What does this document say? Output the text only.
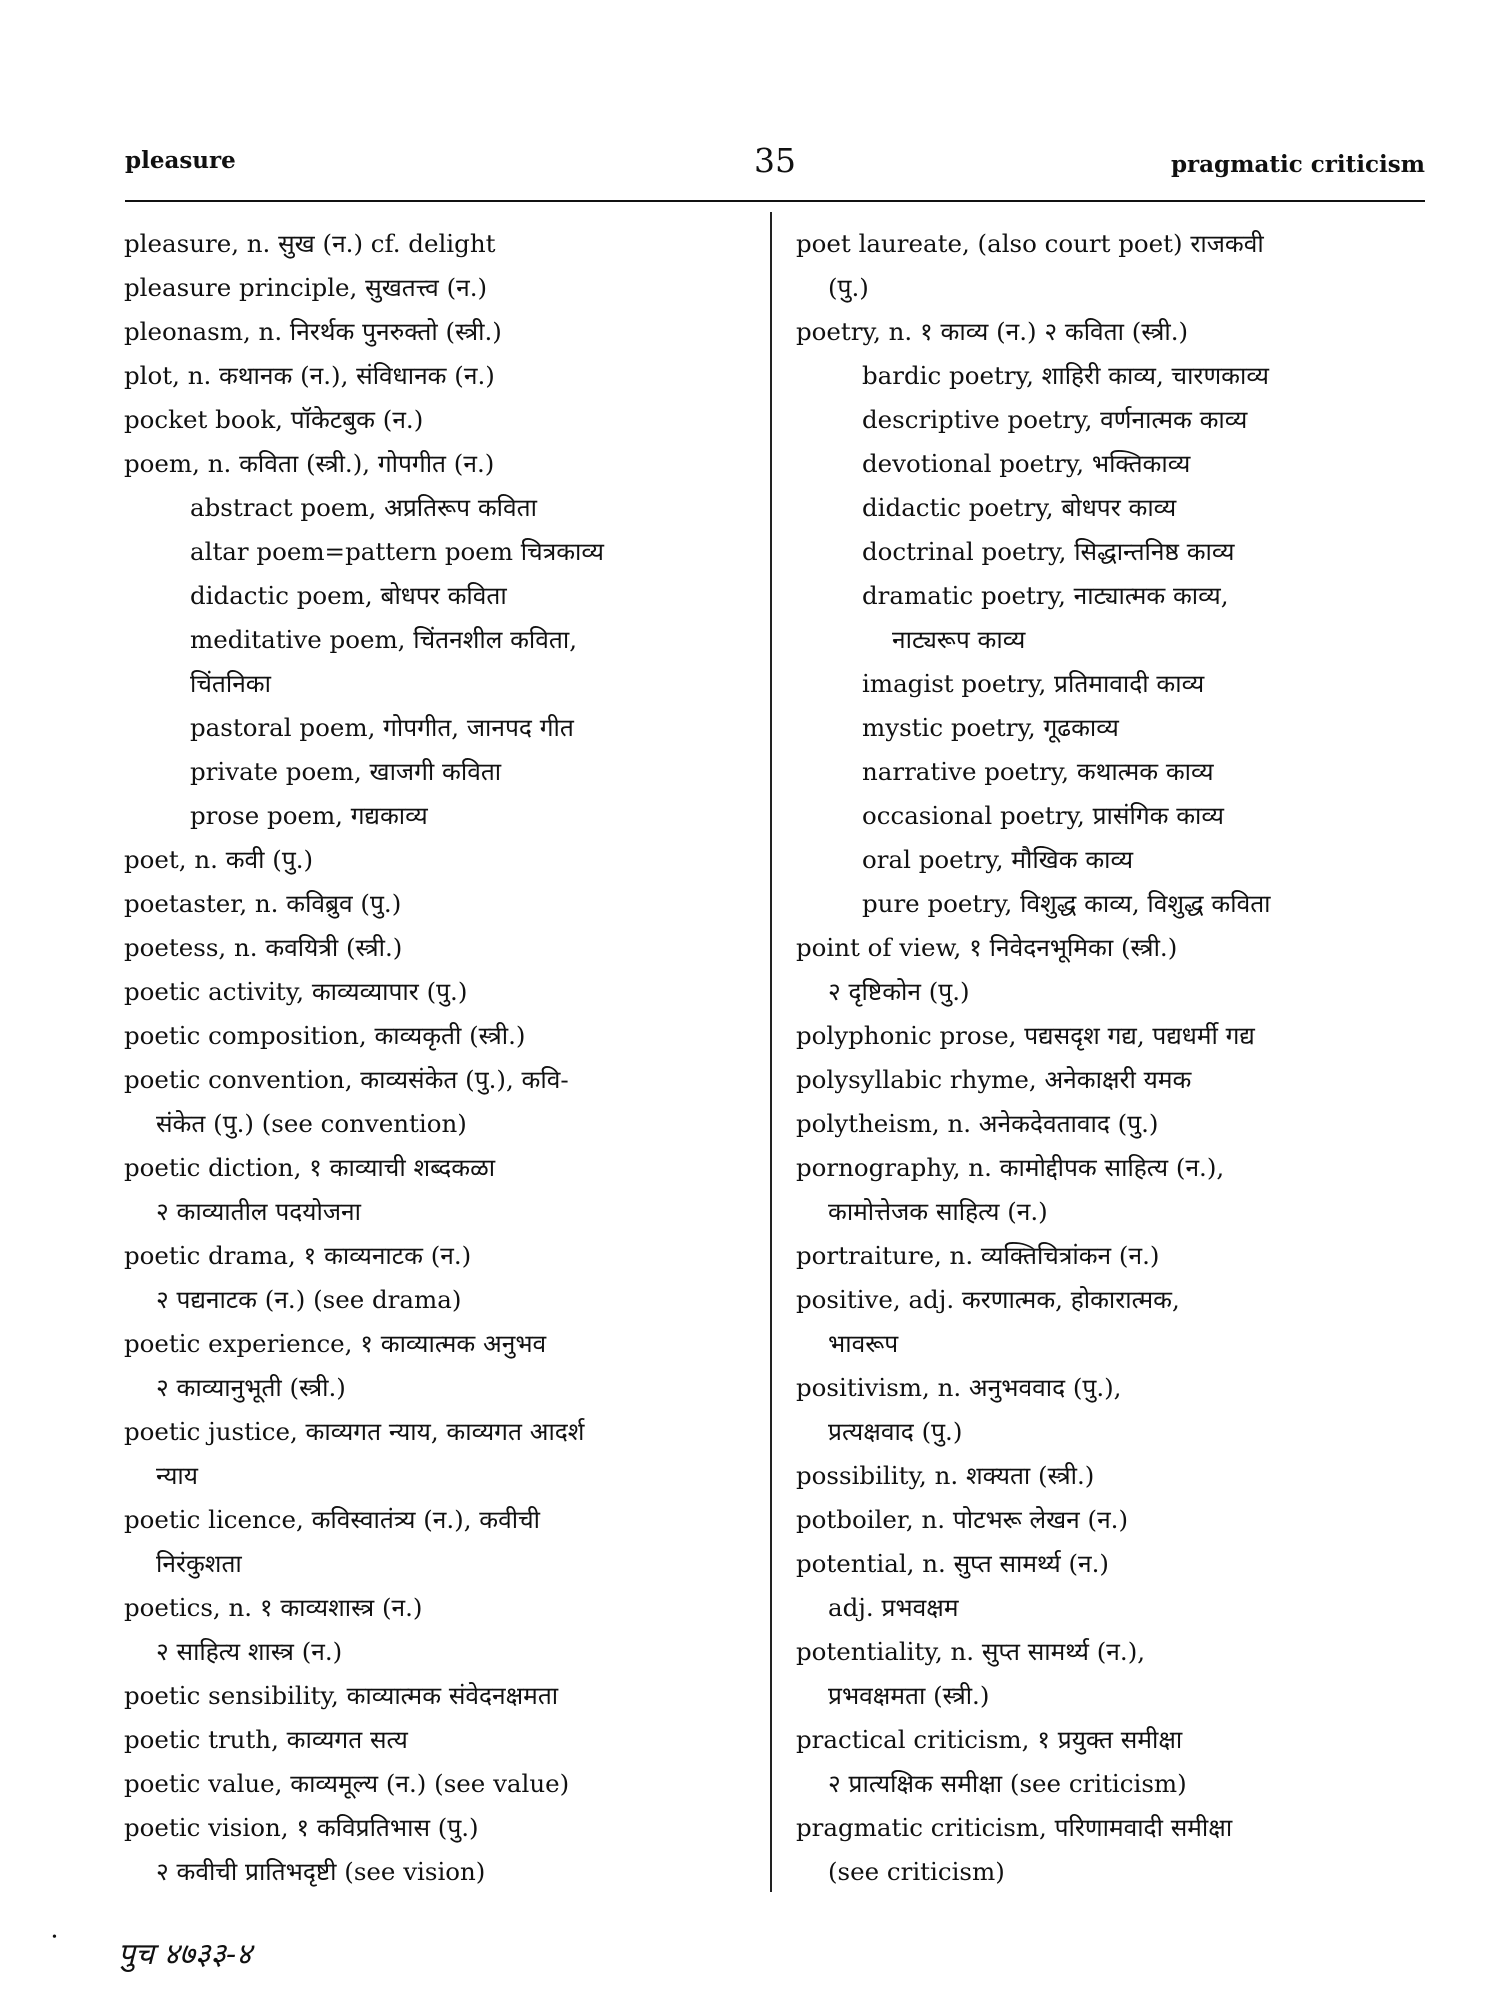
pleasure	35	pragmatic criticism

pleasure, n. सुख (न.) cf. delight

pleasure principle, सुखतत्त्व (न.)

pleonasm, n. निरर्थक पुनरुक्तो (स्त्री.)

plot, n. कथानक (न.), संविधानक (न.)

pocket book, पॉकेटबुक (न.)

poem, n. कविता (स्त्री.), गोपगीत (न.)

abstract poem, अप्रतिरूप कविता

altar poem=pattern poem चित्रकाव्य

didactic poem, बोधपर कविता

meditative poem, चिंतनशील कविता,

चिंतनिका

pastoral poem, गोपगीत, जानपद गीत

private poem, खाजगी कविता

prose poem, गद्यकाव्य

poet, n. कवी (पु.)

poetaster, n. कविब्रुव (पु.)

poetess, n. कवयित्री (स्त्री.)

poetic activity, काव्यव्यापार (पु.)

poetic composition, काव्यकृती (स्त्री.)

poetic convention, काव्यसंकेत (पु.), कवि-

संकेत (पु.) (see convention)

poetic diction, १ काव्याची शब्दकळा

२ काव्यातील पदयोजना

poetic drama, १ काव्यनाटक (न.)

२ पद्यनाटक (न.) (see drama)

poetic experience, १ काव्यात्मक अनुभव

२ काव्यानुभूती (स्त्री.)

poetic justice, काव्यगत न्याय, काव्यगत आदर्श

न्याय

poetic licence, कविस्वातंत्र्य (न.), कवीची

निरंकुशता

poetics, n. १ काव्यशास्त्र (न.)

२ साहित्य शास्त्र (न.)

poetic sensibility, काव्यात्मक संवेदनक्षमता

poetic truth, काव्यगत सत्य

poetic value, काव्यमूल्य (न.) (see value)

poetic vision, १ कविप्रतिभास (पु.)

२ कवीची प्रातिभदृष्टी (see vision)

poet laureate, (also court poet) राजकवी

(पु.)

poetry, n. १ काव्य (न.) २ कविता (स्त्री.)

bardic poetry, शाहिरी काव्य, चारणकाव्य

descriptive poetry, वर्णनात्मक काव्य

devotional poetry, भक्तिकाव्य

didactic poetry, बोधपर काव्य

doctrinal poetry, सिद्धान्तनिष्ठ काव्य

dramatic poetry, नाट्यात्मक काव्य,

नाट्यरूप काव्य

imagist poetry, प्रतिमावादी काव्य

mystic poetry, गूढकाव्य

narrative poetry, कथात्मक काव्य

occasional poetry, प्रासंगिक काव्य

oral poetry, मौखिक काव्य

pure poetry, विशुद्ध काव्य, विशुद्ध कविता

point of view, १ निवेदनभूमिका (स्त्री.)

२ दृष्टिकोन (पु.)

polyphonic prose, पद्यसदृश गद्य, पद्यधर्मी गद्य

polysyllabic rhyme, अनेकाक्षरी यमक

polytheism, n. अनेकदेवतावाद (पु.)

pornography, n. कामोद्दीपक साहित्य (न.),

कामोत्तेजक साहित्य (न.)

portraiture, n. व्यक्तिचित्रांकन (न.)

positive, adj. करणात्मक, होकारात्मक,

भावरूप

positivism, n. अनुभववाद (पु.),

प्रत्यक्षवाद (पु.)

possibility, n. शक्यता (स्त्री.)

potboiler, n. पोटभरू लेखन (न.)

potential, n. सुप्त सामर्थ्य (न.)

adj. प्रभवक्षम

potentiality, n. सुप्त सामर्थ्य (न.),

प्रभवक्षमता (स्त्री.)

practical criticism, १ प्रयुक्त समीक्षा

२ प्रात्यक्षिक समीक्षा (see criticism)

pragmatic criticism, परिणामवादी समीक्षा

(see criticism)

• पुच ४७३३-४
